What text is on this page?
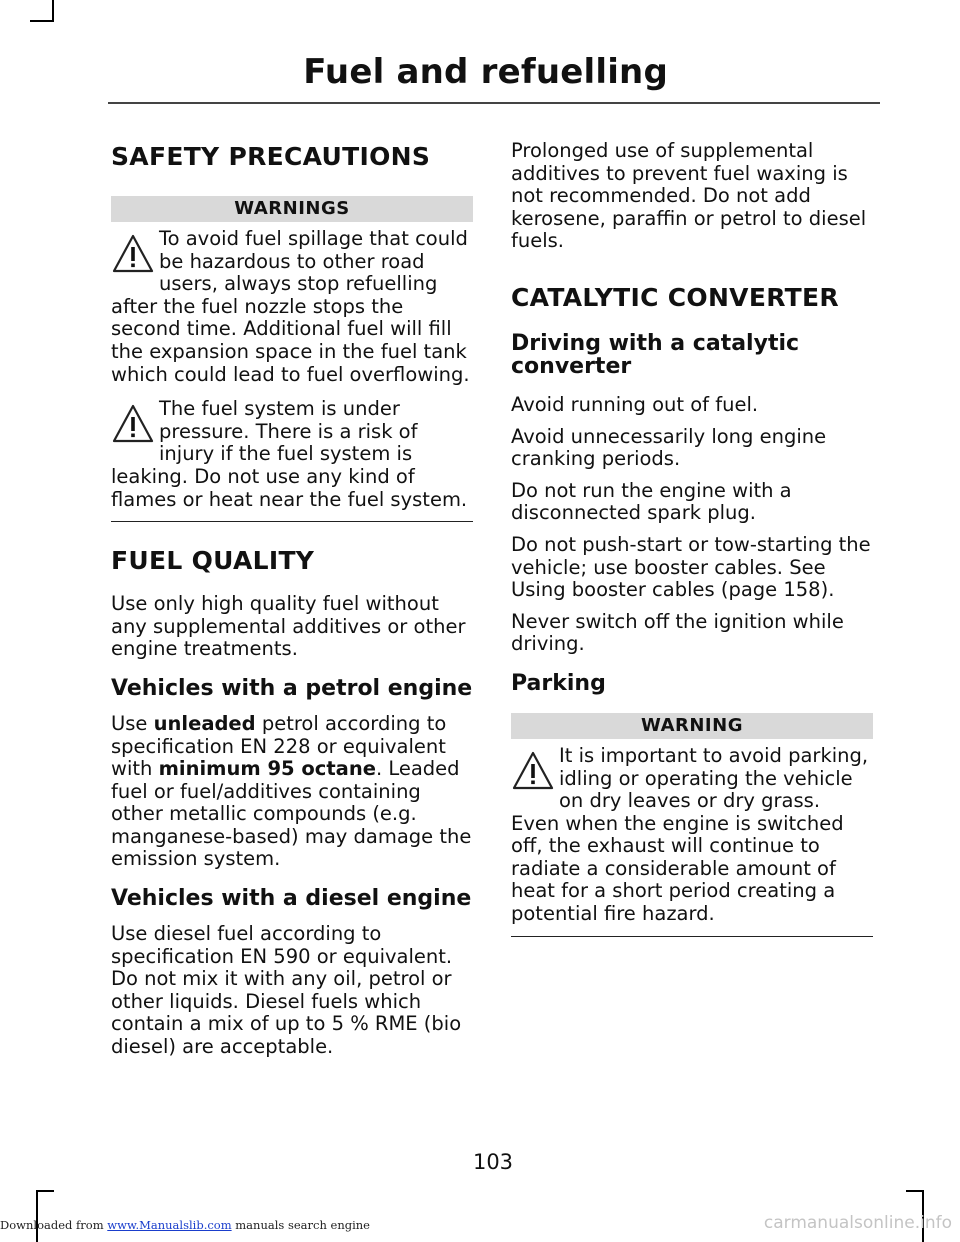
Fuel and refuelling
SAFETY PRECAUTIONS
WARNINGS

To avoid fuel spillage that could be hazardous to other road users, always stop refuelling after the fuel nozzle stops the second time. Additional fuel will fill the expansion space in the fuel tank which could lead to fuel overflowing.

The fuel system is under pressure. There is a risk of injury if the fuel system is leaking. Do not use any kind of flames or heat near the fuel system.

FUEL QUALITY

Use only high quality fuel without any supplemental additives or other engine treatments.

Vehicles with a petrol engine

Use unleaded petrol according to specification EN 228 or equivalent with minimum 95 octane. Leaded fuel or fuel/additives containing other metallic compounds (e.g. manganese-based) may damage the emission system.

Vehicles with a diesel engine

Use diesel fuel according to specification EN 590 or equivalent. Do not mix it with any oil, petrol or other liquids. Diesel fuels which contain a mix of up to 5 % RME (bio diesel) are acceptable.

Prolonged use of supplemental additives to prevent fuel waxing is not recommended. Do not add kerosene, paraffin or petrol to diesel fuels.

CATALYTIC CONVERTER
Driving with a catalytic converter

Avoid running out of fuel.

Avoid unnecessarily long engine cranking periods.

Do not run the engine with a disconnected spark plug.

Do not push-start or tow-starting the vehicle; use booster cables. See Using booster cables (page 158).

Never switch off the ignition while driving.

Parking
WARNING

It is important to avoid parking, idling or operating the vehicle on dry leaves or dry grass. Even when the engine is switched off, the exhaust will continue to radiate a considerable amount of heat for a short period creating a potential fire hazard.

103
Downloaded from www.Manualslib.com manuals search engine	carmanualsonline.info
